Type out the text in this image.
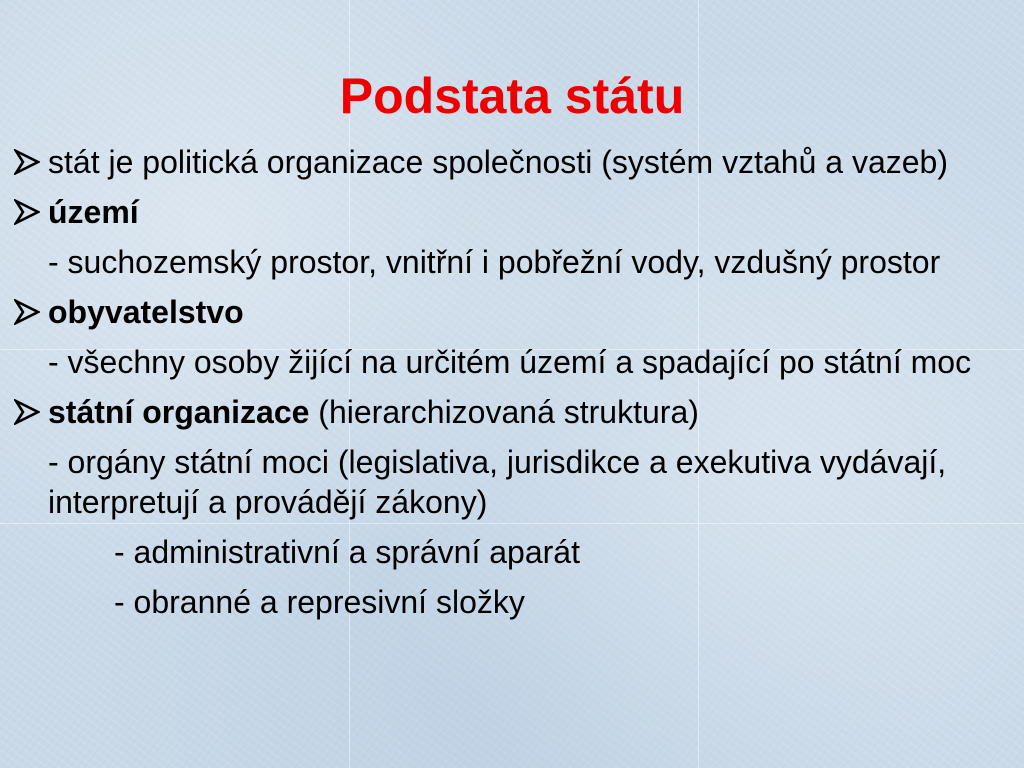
Podstata státu
stát je politická organizace společnosti (systém vztahů a vazeb)
území
- suchozemský prostor, vnitřní i pobřežní vody, vzdušný prostor
obyvatelstvo
- všechny osoby žijící na určitém území a spadající po státní moc
státní organizace (hierarchizovaná struktura)
- orgány státní moci (legislativa, jurisdikce a exekutiva vydávají, interpretují a provádějí zákony)
- administrativní a správní aparát
- obranné a represivní složky
